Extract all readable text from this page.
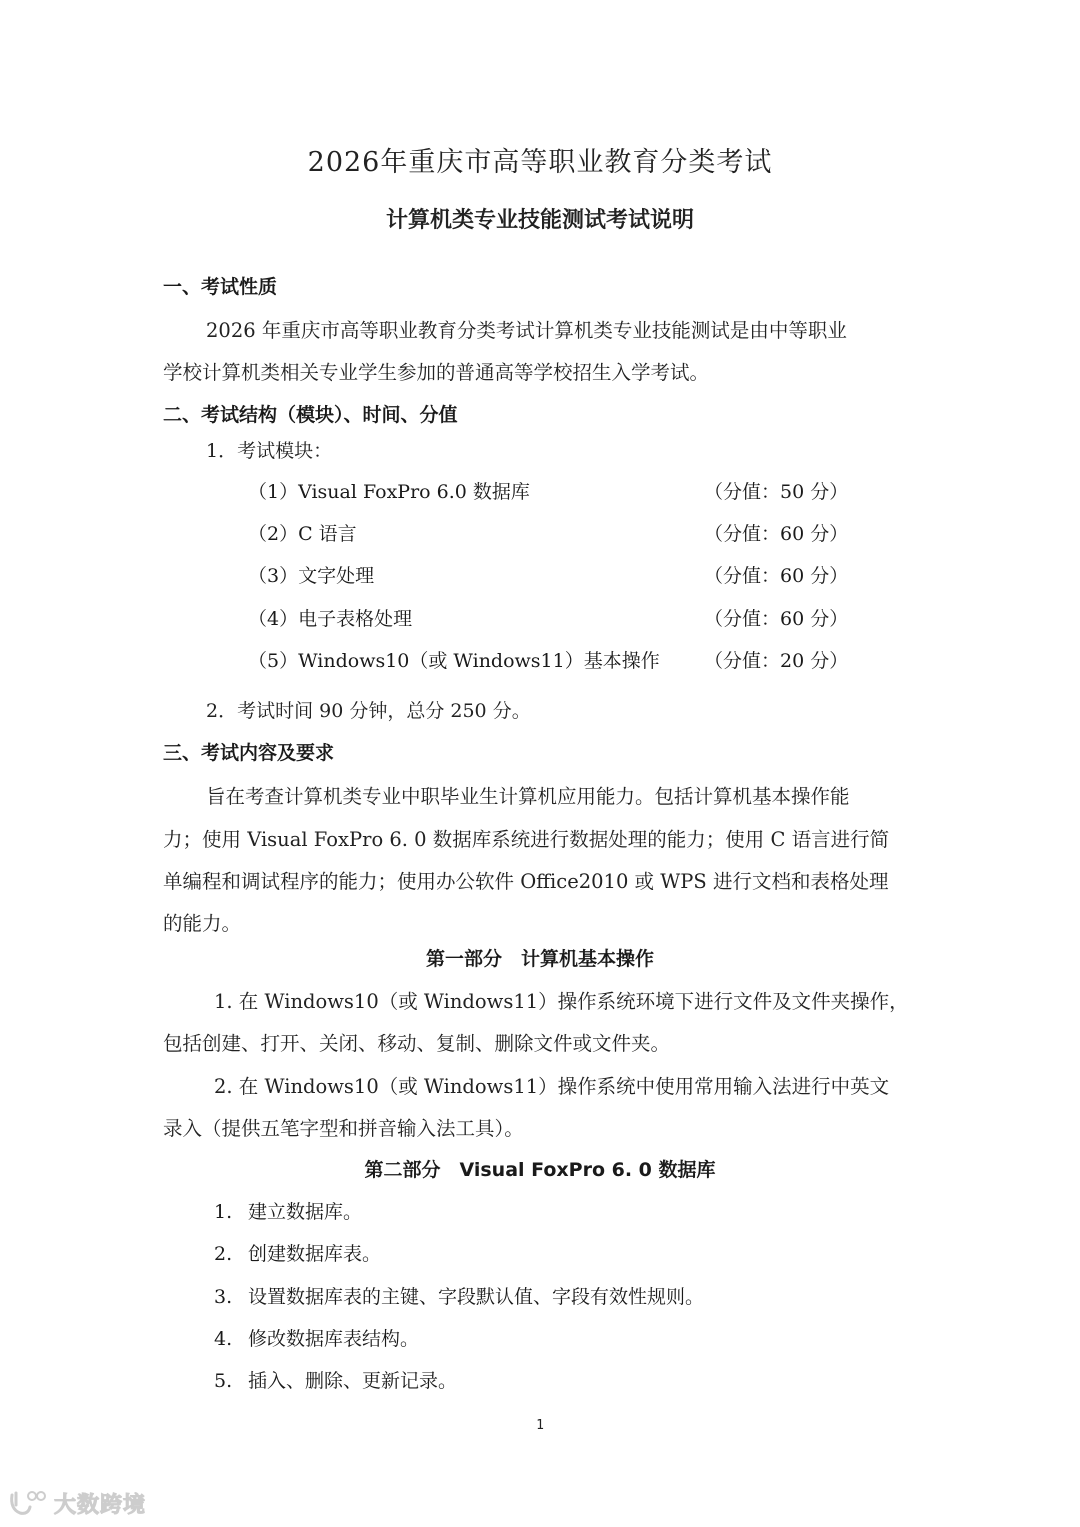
2026年重庆市高等职业教育分类考试
计算机类专业技能测试考试说明
一、考试性质
2026 年重庆市高等职业教育分类考试计算机类专业技能测试是由中等职业
学校计算机类相关专业学生参加的普通高等学校招生入学考试。
二、考试结构（模块）、时间、分值
1．考试模块：
（1）Visual FoxPro 6.0 数据库	（分值：50 分）
（2）C 语言	（分值：60 分）
（3）文字处理	（分值：60 分）
（4）电子表格处理	（分值：60 分）
（5）Windows10（或 Windows11）基本操作 （分值：20 分）
2．考试时间 90 分钟，总分 250 分。
三、考试内容及要求
旨在考查计算机类专业中职毕业生计算机应用能力。包括计算机基本操作能
力；使用 Visual FoxPro 6. 0 数据库系统进行数据处理的能力；使用 C 语言进行简
单编程和调试程序的能力；使用办公软件 Office2010 或 WPS 进行文档和表格处理
的能力。
第一部分　计算机基本操作
1. 在 Windows10（或 Windows11）操作系统环境下进行文件及文件夹操作，
包括创建、打开、关闭、移动、复制、删除文件或文件夹。
2. 在 Windows10（或 Windows11）操作系统中使用常用输入法进行中英文
录入（提供五笔字型和拼音输入法工具）。
第二部分　Visual FoxPro 6. 0 数据库
1. 建立数据库。
2. 创建数据库表。
3. 设置数据库表的主键、字段默认值、字段有效性规则。
4. 修改数据库表结构。
5. 插入、删除、更新记录。
1
大数跨境
